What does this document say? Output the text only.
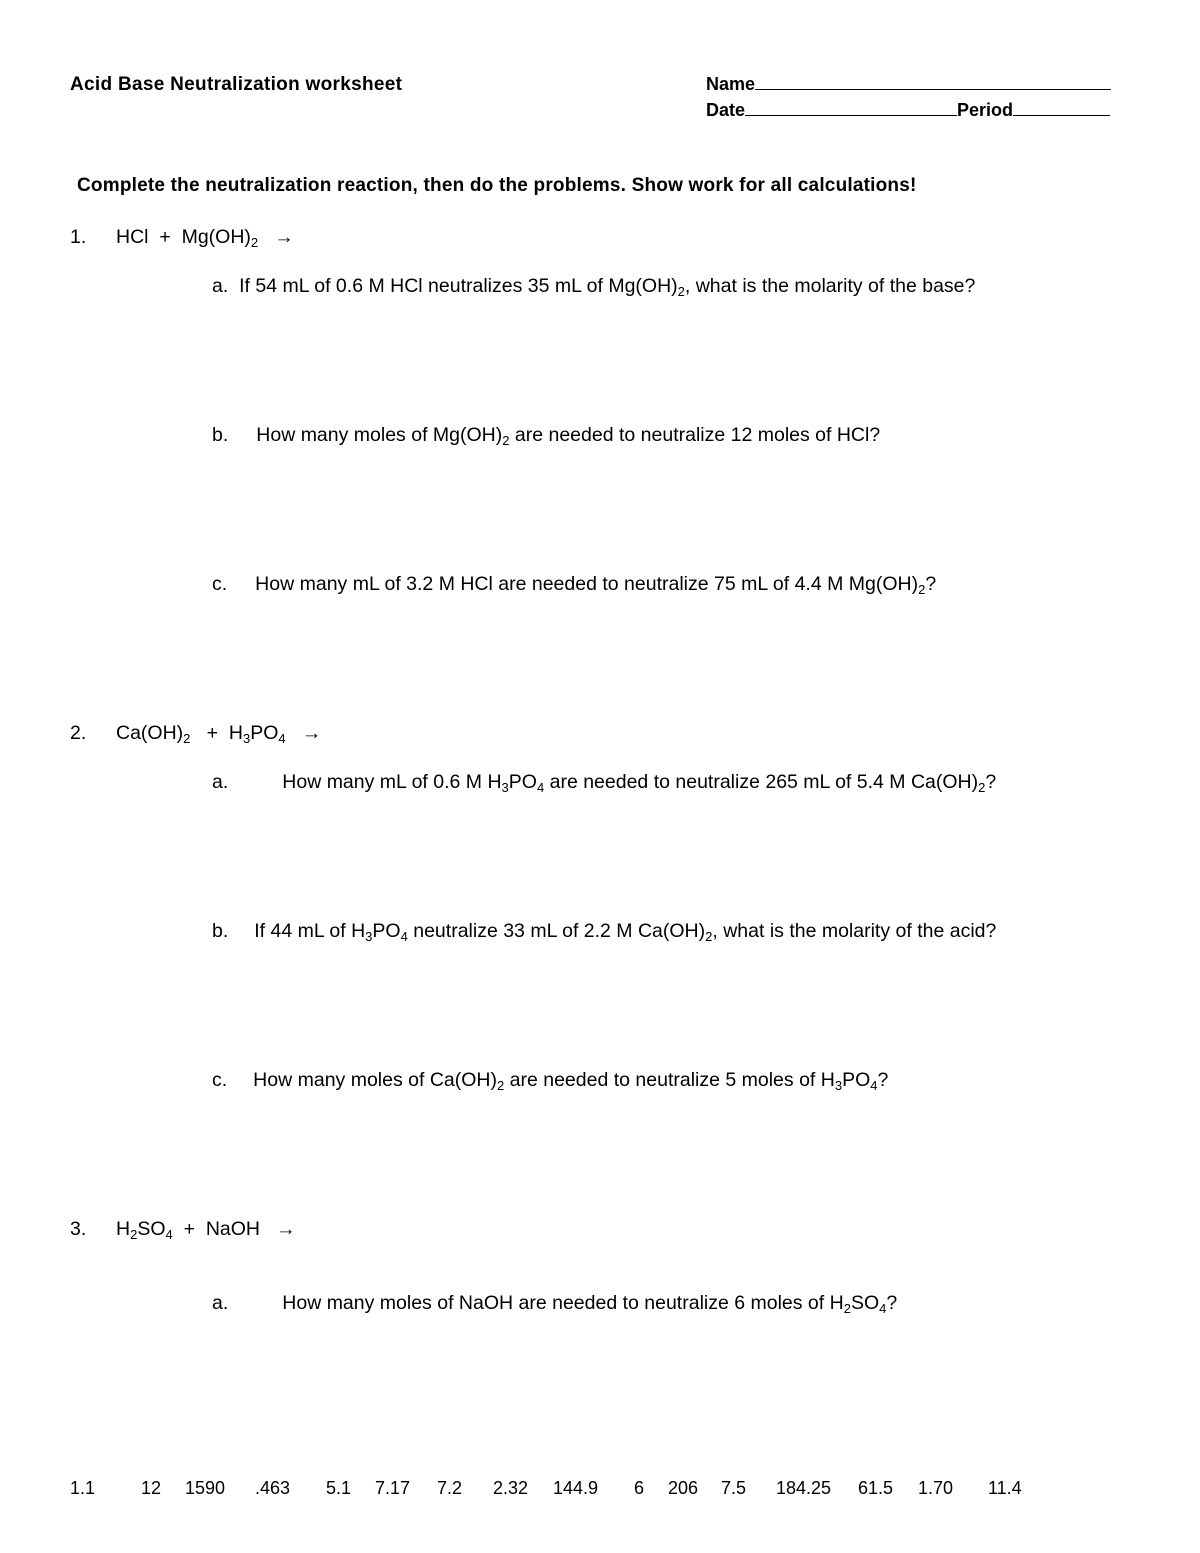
Acid Base Neutralization worksheet	Name
Date	Period
Complete the neutralization reaction, then do the problems. Show work for all calculations!
1. HCl + $Mg(OH)_2$ →
a. If 54 mL of 0.6 M HCl neutralizes 35 mL of $Mg(OH)_2$, what is the molarity of the base?
b. How many moles of $Mg(OH)_2$ are needed to neutralize 12 moles of HCl?
c. How many mL of 3.2 M HCl are needed to neutralize 75 mL of 4.4 M $Mg(OH)_2$?
2. $Ca(OH)_2 + H_3PO_4$ →
a.	How many mL of 0.6 M $H_3PO_4$ are needed to neutralize 265 mL of 5.4 M $Ca(OH)_2$?
b. If 44 mL of $H_3PO_4$ neutralize 33 mL of 2.2 M $Ca(OH)_2$, what is the molarity of the acid?
c. How many moles of $Ca(OH)_2$ are needed to neutralize 5 moles of $H_3PO_4$?
3. $H_2SO_4$ + NaOH →
a.	How many moles of NaOH are needed to neutralize 6 moles of $H_2SO_4$?
1.1	12 1590 .463 5.1 7.17 7.2 2.32 144.9 6 206 7.5 184.25 61.5 1.70 11.4
